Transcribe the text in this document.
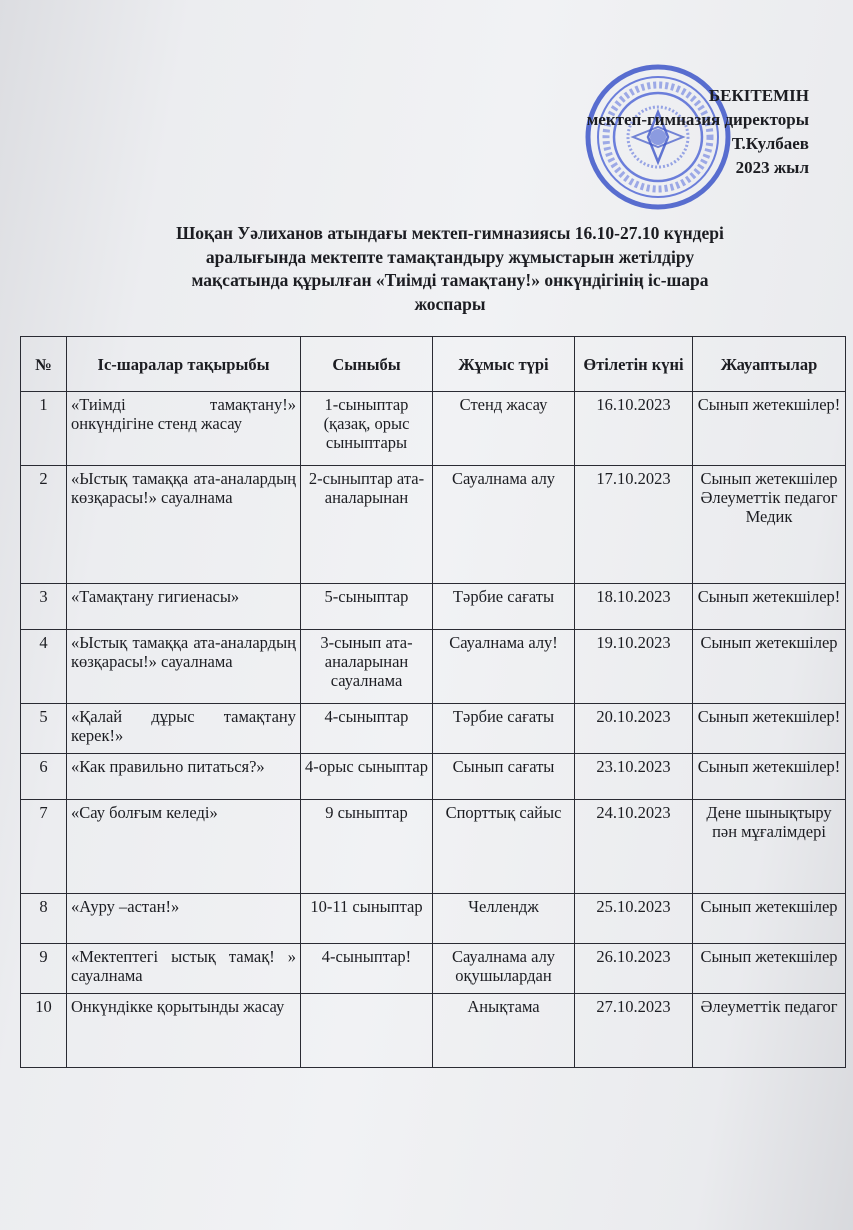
БЕКІТЕМІН
мектеп-гимназия директоры
Т.Кулбаев
2023 жыл
Шоқан Уәлиханов атындағы мектеп-гимназиясы 16.10-27.10 күндері
аралығында мектепте тамақтандыру жұмыстарын жетілдіру
мақсатында құрылған «Тиімді тамақтану!» онкүндігінің іс-шара
жоспары
№	Іс-шаралар тақырыбы	Сыныбы	Жұмыс түрі	Өтілетін күні	Жауаптылар
1	«Тиімді тамақтану!» онкүндігіне стенд жасау	1-сыныптар (қазақ, орыс сыныптары	Стенд жасау	16.10.2023	Сынып жетекшілер!
2	«Ыстық тамаққа ата-аналардың көзқарасы!» сауалнама	2-сыныптар ата-аналарынан	Сауалнама алу	17.10.2023	Сынып жетекшілер Әлеуметтік педагог Медик
3	«Тамақтану гигиенасы»	5-сыныптар	Тәрбие сағаты	18.10.2023	Сынып жетекшілер!
4	«Ыстық тамаққа ата-аналардың көзқарасы!» сауалнама	3-сынып ата-аналарынан сауалнама	Сауалнама алу!	19.10.2023	Сынып жетекшілер
5	«Қалай дұрыс тамақтану керек!»	4-сыныптар	Тәрбие сағаты	20.10.2023	Сынып жетекшілер!
6	«Как правильно питаться?»	4-орыс сыныптар	Сынып сағаты	23.10.2023	Сынып жетекшілер!
7	«Сау болғым келеді»	9 сыныптар	Спорттық сайыс	24.10.2023	Дене шынықтыру пән мұғалімдері
8	«Ауру –астан!»	10-11 сыныптар	Челлендж	25.10.2023	Сынып жетекшілер
9	«Мектептегі ыстық тамақ! » сауалнама	4-сыныптар!	Сауалнама алу оқушылардан	26.10.2023	Сынып жетекшілер
10	Онкүндікке қорытынды жасау		Анықтама	27.10.2023	Әлеуметтік педагог
